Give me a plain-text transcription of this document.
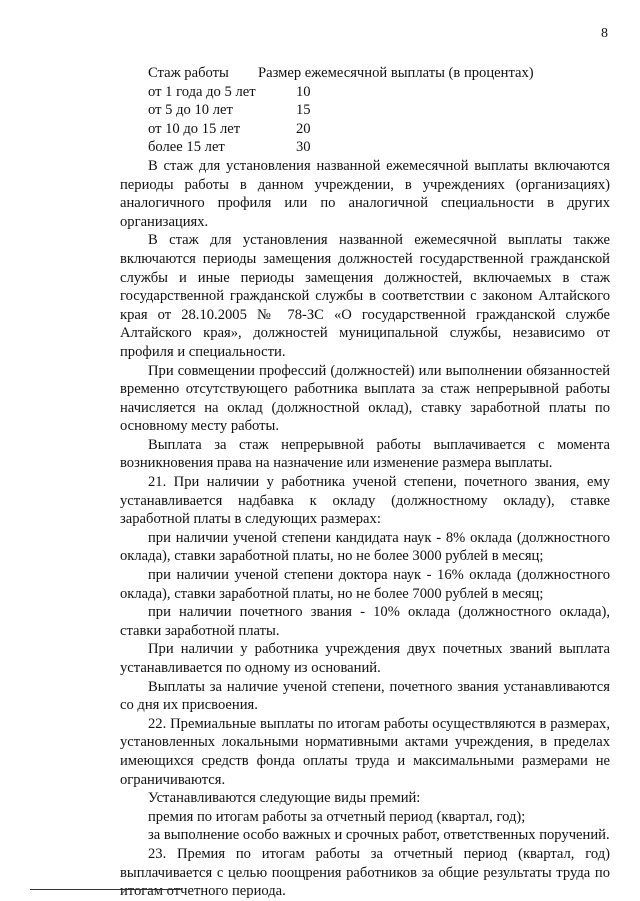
8
Стаж работы	Размер ежемесячной выплаты (в процентах)
от 1 года до 5 лет	10
от 5 до 10 лет	15
от 10 до 15 лет	20
более 15 лет	30

В стаж для установления названной ежемесячной выплаты включаются периоды работы в данном учреждении, в учреждениях (организациях) аналогичного профиля или по аналогичной специальности в других организациях.

В стаж для установления названной ежемесячной выплаты также включаются периоды замещения должностей государственной гражданской службы и иные периоды замещения должностей, включаемых в стаж государственной гражданской службы в соответствии с законом Алтайского края от 28.10.2005 № 78-ЗС «О государственной гражданской службе Алтайского края», должностей муниципальной службы, независимо от профиля и специальности.

При совмещении профессий (должностей) или выполнении обязанностей временно отсутствующего работника выплата за стаж непрерывной работы начисляется на оклад (должностной оклад), ставку заработной платы по основному месту работы.

Выплата за стаж непрерывной работы выплачивается с момента возникновения права на назначение или изменение размера выплаты.

21. При наличии у работника ученой степени, почетного звания, ему устанавливается надбавка к окладу (должностному окладу), ставке заработной платы в следующих размерах:

при наличии ученой степени кандидата наук - 8% оклада (должностного оклада), ставки заработной платы, но не более 3000 рублей в месяц;

при наличии ученой степени доктора наук - 16% оклада (должностного оклада), ставки заработной платы, но не более 7000 рублей в месяц;

при наличии почетного звания - 10% оклада (должностного оклада), ставки заработной платы.

При наличии у работника учреждения двух почетных званий выплата устанавливается по одному из оснований.

Выплаты за наличие ученой степени, почетного звания устанавливаются со дня их присвоения.

22. Премиальные выплаты по итогам работы осуществляются в размерах, установленных локальными нормативными актами учреждения, в пределах имеющихся средств фонда оплаты труда и максимальными размерами не ограничиваются.

Устанавливаются следующие виды премий:

премия по итогам работы за отчетный период (квартал, год);

за выполнение особо важных и срочных работ, ответственных поручений.

23. Премия по итогам работы за отчетный период (квартал, год) выплачивается с целью поощрения работников за общие результаты труда по итогам отчетного периода.
